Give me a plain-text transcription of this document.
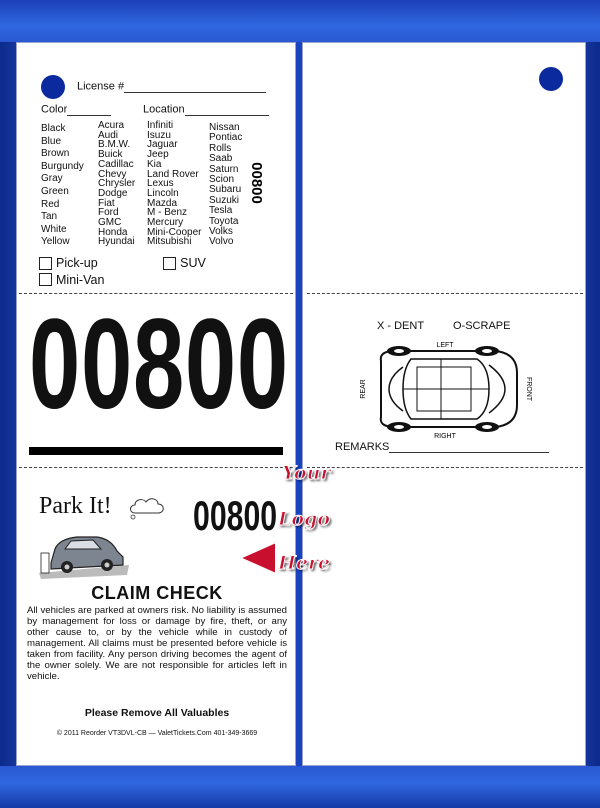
License #
Color	Location
Black
Blue
Brown
Burgundy
Gray
Green
Red
Tan
White
Yellow
Acura
Audi
B.M.W.
Buick
Cadillac
Chevy
Chrysler
Dodge
Fiat
Ford
GMC
Honda
Hyundai
Infiniti
Isuzu
Jaguar
Jeep
Kia
Land Rover
Lexus
Lincoln
Mazda
M - Benz
Mercury
Mini-Cooper
Mitsubishi
Nissan
Pontiac
Rolls
Saab
Saturn
Scion
Subaru
Suzuki
Tesla
Toyota
Volks
Volvo
00800
Pick-up
	SUV

Mini-Van
00800
Park It! 00800
CLAIM CHECK
All vehicles are parked at owners risk. No liability is assumed by management for loss or damage by fire, theft, or any other cause to, or by the vehicle while in custody of management. All claims must be presented before vehicle is taken from facility. Any person driving becomes the agent of the owner solely. We are not responsible for articles left in vehicle.
Please Remove All Valuables
© 2011 Reorder VT3DVL-CB — ValetTickets.Com 401-349-3669
X - DENT	O-SCRAPE
LEFT
RIGHT
REAR	FRONT
REMARKS
Your
Logo
Here
